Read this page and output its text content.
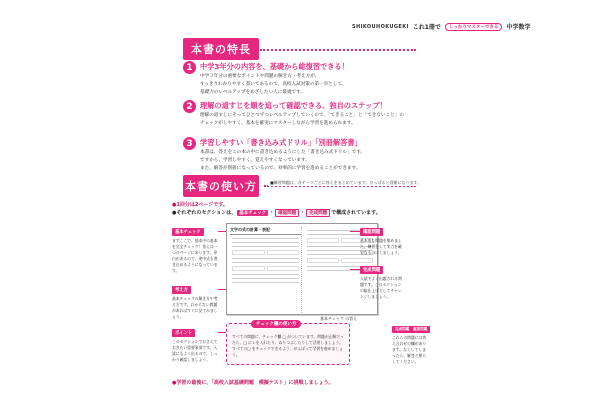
SHIKOUHOKUGEKI これ1冊で	しっかりマスターできる	中学数学
本書の特長
1	中学3年分の内容を、基礎から総復習できる！
中学３年分の重要なポイントや問題の解き方・考え方が、
すっきりわかりやすく書いてあるので、高校入試対策の第一歩として、
基礎力のレベルアップをめざしたい人に最適です。
2	理解の道すじを順を追って確認できる、独自のステップ！
理解の道すじにそってひとつずつレベルアップしていくので、「できること」と「できないこと」の
チェックがしやすく、基本を確実にマスターしながら学習を進められます。
3	学習しやすい「書き込み式ドリル」「別冊解答書」
本書は、答えをこの本の中に書き込めるようにした「書き込み式ドリル」です。
ですから、学習しやすく、覚えやすくなっています。
また、解答が別冊になっているので、効率的に学習を進めることができます。
本書の使い方	■練習問題は、各テーマごとに答えをまとめています。ひっぱると別冊になります。
●1回分は2ページです。
●それぞれのセクションは、 基本チェック ・ 確認問題 ・ 完成問題 で構成されています。
基本チェック
まずここで、基本中の基本を完全チェック！答えは一つのページにあります。余白があるので、途中式も書き込めるようになっています。
考え方
基本チェックの解き方や考え方です。わからない問題があればすぐに見てみましょう。
ポイント
このセクションでおさえておきたい重要事項です。入試にもよく出るので、しっかり確認しましょう。
文字の式の計算・表記
基本チェック の答え
チェック欄の使い方
すべての問題に、チェック欄 □ がついています。問題が正解だったら、□ にレを入れたり、ぬりつぶしたりして活用しましょう。すべての□ をチェックできるよう、がんばって学習を進めましょう。
確認問題
基本的な問題を集めました。練習をして実力を確実なものにしましょう。
完成問題
入試でよく出題される問題です。このセクションの総仕上げとしてチャレンジしましょう。
完成問題	確認問題
これらの問題には答え合わせの欄があります。なくしてしまったら、解答と照らしてください。
●学習の最後に、「高校入試基礎問題　模擬テスト」に挑戦しましょう。
